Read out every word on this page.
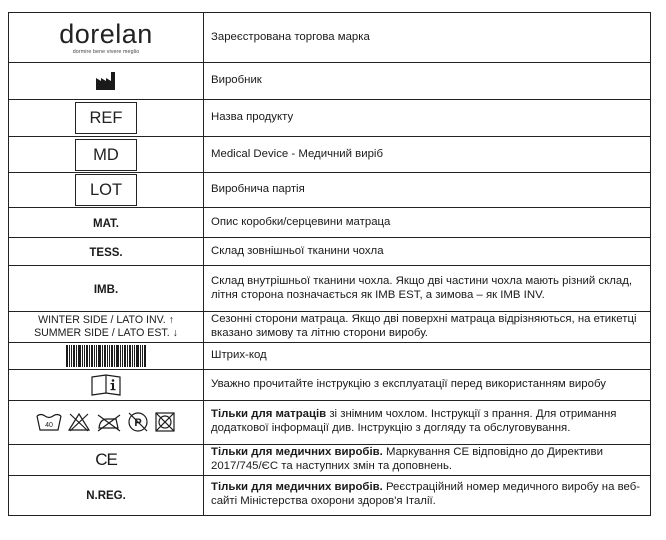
dorelan
dormire bene vivere meglio	Зареєстрована торгова марка

	Виробник
REF	Назва продукту
MD	Medical Device - Медичний виріб
LOT	Виробнича партія
MAT.	Опис коробки/серцевини матраца
TESS.	Склад зовнішньої тканини чохла
IMB.	Склад внутрішньої тканини чохла. Якщо дві частини чохла мають різний склад, літня сторона позначається як IMB EST, а зимова – як IMB INV.

WINTER SIDE / LATO INV. ↑
SUMMER SIDE / LATO EST. ↓	Сезонні сторони матраца. Якщо дві поверхні матраца відрізняються, на етикетці вказано зимову та літню сторони виробу.

	Штрих-код

	Уважно прочитайте інструкцію з експлуатації перед використанням виробу

40 P	Тільки для матраців зі знімним чохлом. Інструкції з прання. Для отримання додаткової інформації див. Інструкцію з догляду та обслуговування.
CE	Тільки для медичних виробів. Маркування CE відповідно до Директиви 2017/745/ЄС та наступних змін та доповнень.
N.REG.	Тільки для медичних виробів. Реєстраційний номер медичного виробу на веб-сайті Міністерства охорони здоров'я Італії.
